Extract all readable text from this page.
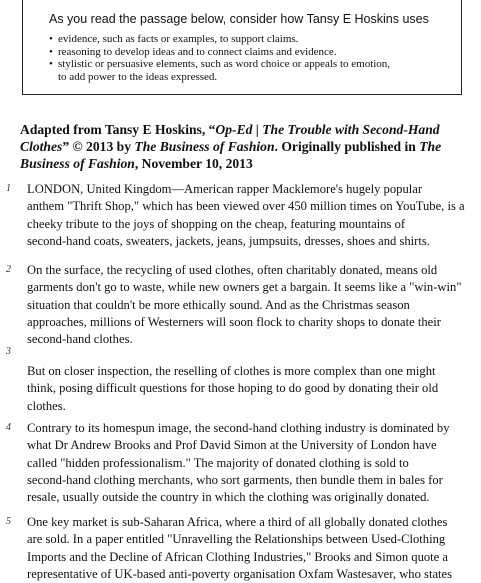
As you read the passage below, consider how Tansy E Hoskins uses

• evidence, such as facts or examples, to support claims.
• reasoning to develop ideas and to connect claims and evidence.
• stylistic or persuasive elements, such as word choice or appeals to emotion,
to add power to the ideas expressed.

Adapted from Tansy E Hoskins, “Op-Ed | The Trouble with Second-Hand Clothes” © 2013 by The Business of Fashion. Originally published in The Business of Fashion, November 10, 2013

1	LONDON, United Kingdom—American rapper Macklemore's hugely popular
anthem "Thrift Shop," which has been viewed over 450 million times on YouTube, is a
cheeky tribute to the joys of shopping on the cheap, featuring mountains of
second-hand coats, sweaters, jackets, jeans, jumpsuits, dresses, shoes and shirts.

2	On the surface, the recycling of used clothes, often charitably donated, means old
garments don't go to waste, while new owners get a bargain. It seems like a "win-win"
situation that couldn't be more ethically sound. And as the Christmas season
approaches, millions of Westerners will soon flock to charity shops to donate their
second-hand clothes.

3

But on closer inspection, the reselling of clothes is more complex than one might
think, posing difficult questions for those hoping to do good by donating their old
clothes.

4	Contrary to its homespun image, the second-hand clothing industry is dominated by
what Dr Andrew Brooks and Prof David Simon at the University of London have
called "hidden professionalism." The majority of donated clothing is sold to
second-hand clothing merchants, who sort garments, then bundle them in bales for
resale, usually outside the country in which the clothing was originally donated.

5	One key market is sub-Saharan Africa, where a third of all globally donated clothes
are sold. In a paper entitled "Unravelling the Relationships between Used-Clothing
Imports and the Decline of African Clothing Industries," Brooks and Simon quote a
representative of UK-based anti-poverty organisation Oxfam Wastesaver, who states
